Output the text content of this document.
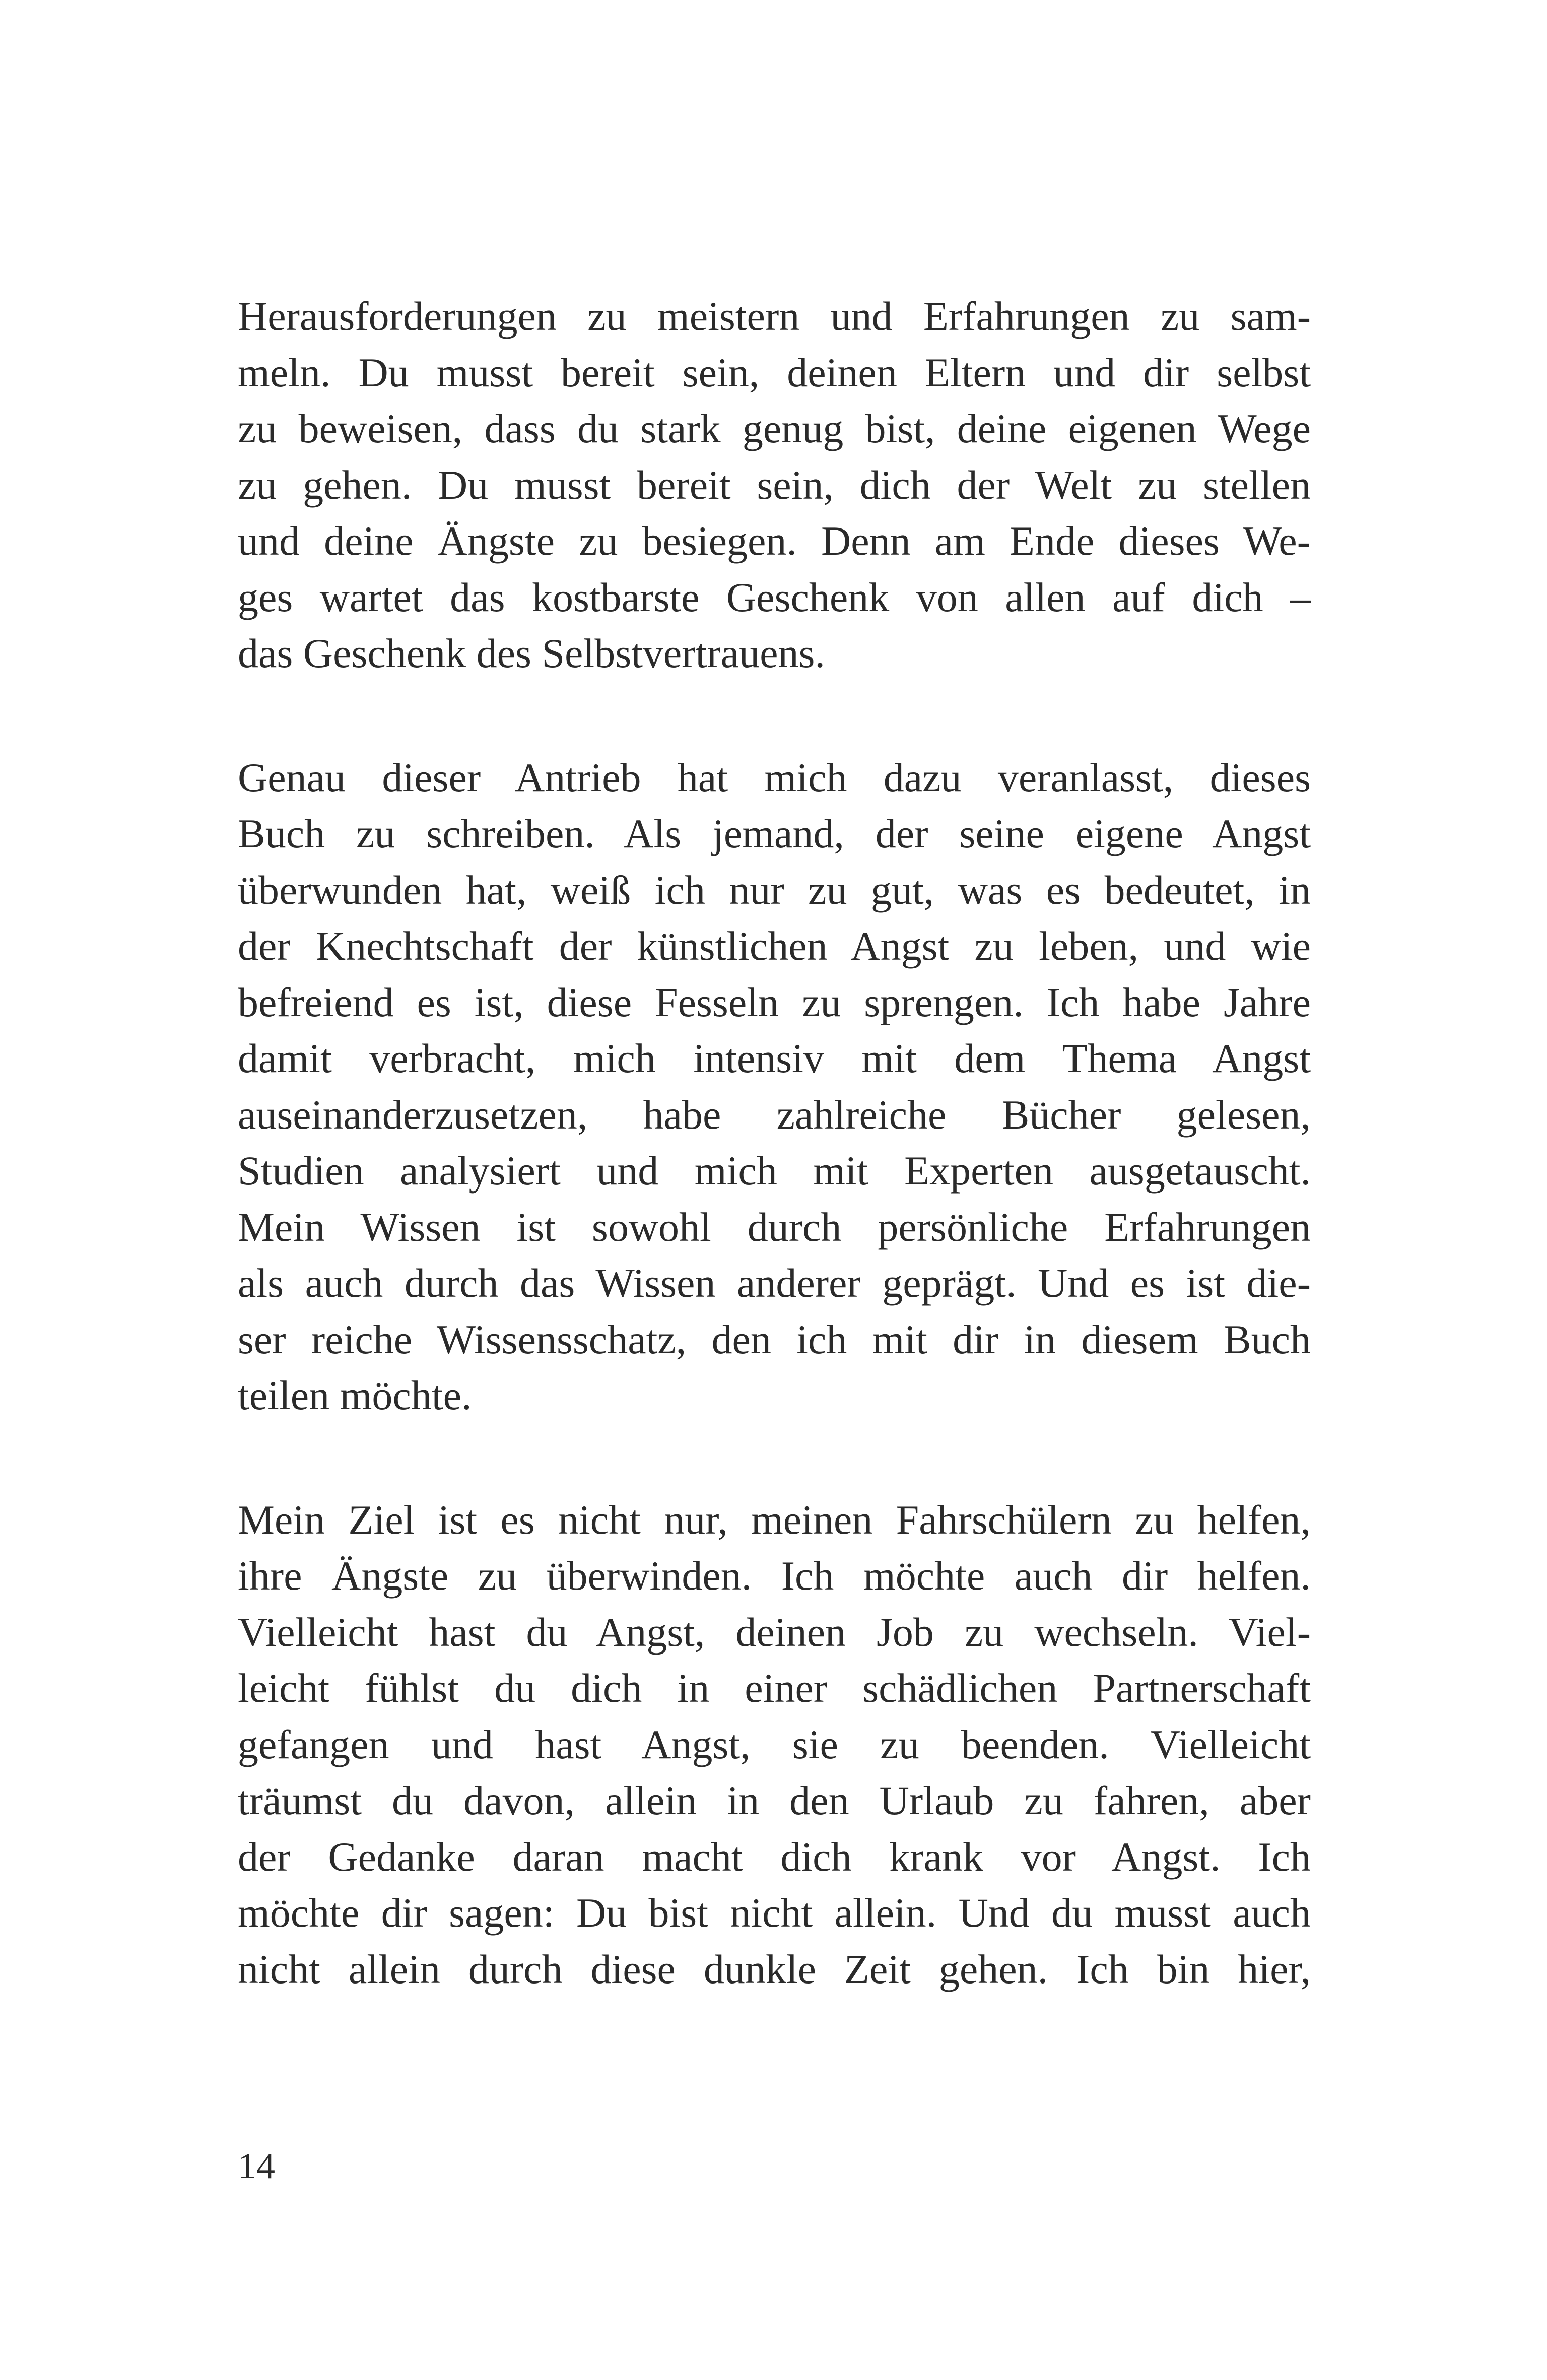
Herausforderungen zu meistern und Erfahrungen zu sam-
meln. Du musst bereit sein, deinen Eltern und dir selbst
zu beweisen, dass du stark genug bist, deine eigenen Wege
zu gehen. Du musst bereit sein, dich der Welt zu stellen
und deine Ängste zu besiegen. Denn am Ende dieses We-
ges wartet das kostbarste Geschenk von allen auf dich –
das Geschenk des Selbstvertrauens.

Genau dieser Antrieb hat mich dazu veranlasst, dieses
Buch zu schreiben. Als jemand, der seine eigene Angst
überwunden hat, weiß ich nur zu gut, was es bedeutet, in
der Knechtschaft der künstlichen Angst zu leben, und wie
befreiend es ist, diese Fesseln zu sprengen. Ich habe Jahre
damit verbracht, mich intensiv mit dem Thema Angst
auseinanderzusetzen, habe zahlreiche Bücher gelesen,
Studien analysiert und mich mit Experten ausgetauscht.
Mein Wissen ist sowohl durch persönliche Erfahrungen
als auch durch das Wissen anderer geprägt. Und es ist die-
ser reiche Wissensschatz, den ich mit dir in diesem Buch
teilen möchte.

Mein Ziel ist es nicht nur, meinen Fahrschülern zu helfen,
ihre Ängste zu überwinden. Ich möchte auch dir helfen.
Vielleicht hast du Angst, deinen Job zu wechseln. Viel-
leicht fühlst du dich in einer schädlichen Partnerschaft
gefangen und hast Angst, sie zu beenden. Vielleicht
träumst du davon, allein in den Urlaub zu fahren, aber
der Gedanke daran macht dich krank vor Angst. Ich
möchte dir sagen: Du bist nicht allein. Und du musst auch
nicht allein durch diese dunkle Zeit gehen. Ich bin hier,

14
